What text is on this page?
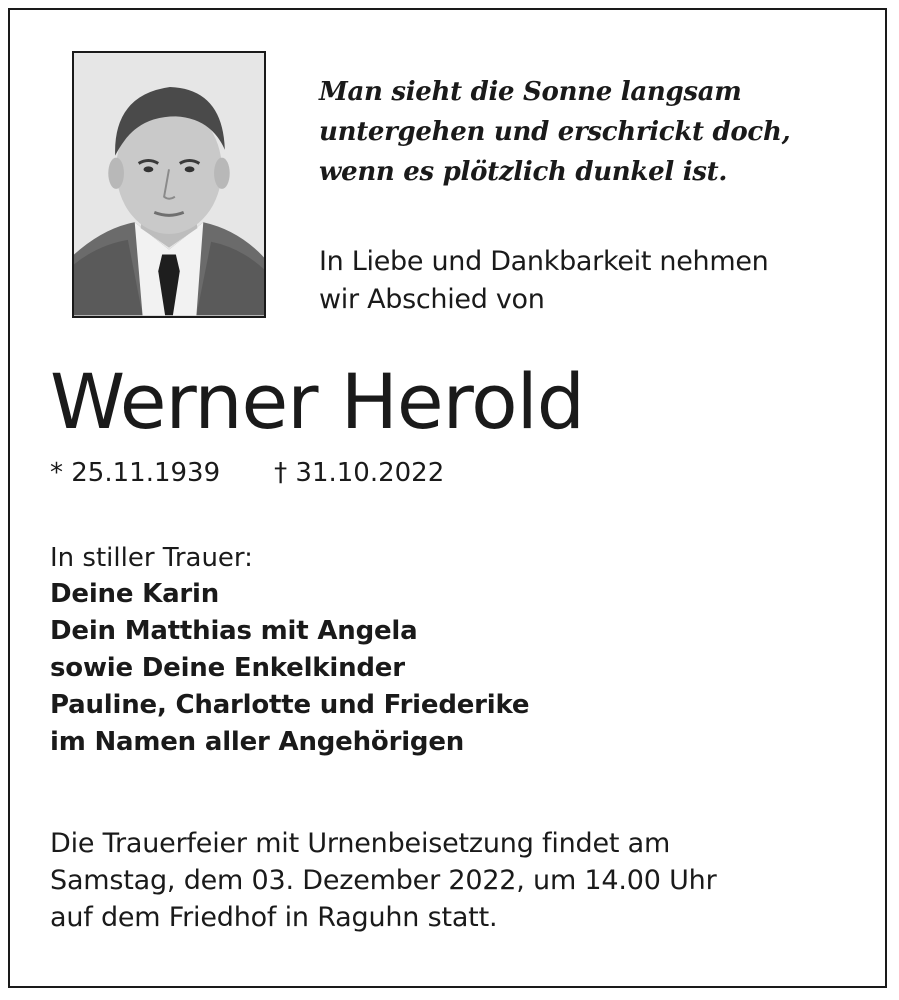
Man sieht die Sonne langsam
untergehen und erschrickt doch,
wenn es plötzlich dunkel ist.
In Liebe und Dankbarkeit nehmen
wir Abschied von
Werner Herold
* 25.11.1939 † 31.10.2022
In stiller Trauer:
Deine Karin
Dein Matthias mit Angela
sowie Deine Enkelkinder
Pauline, Charlotte und Friederike
im Namen aller Angehörigen
Die Trauerfeier mit Urnenbeisetzung findet am
Samstag, dem 03. Dezember 2022, um 14.00 Uhr
auf dem Friedhof in Raguhn statt.
